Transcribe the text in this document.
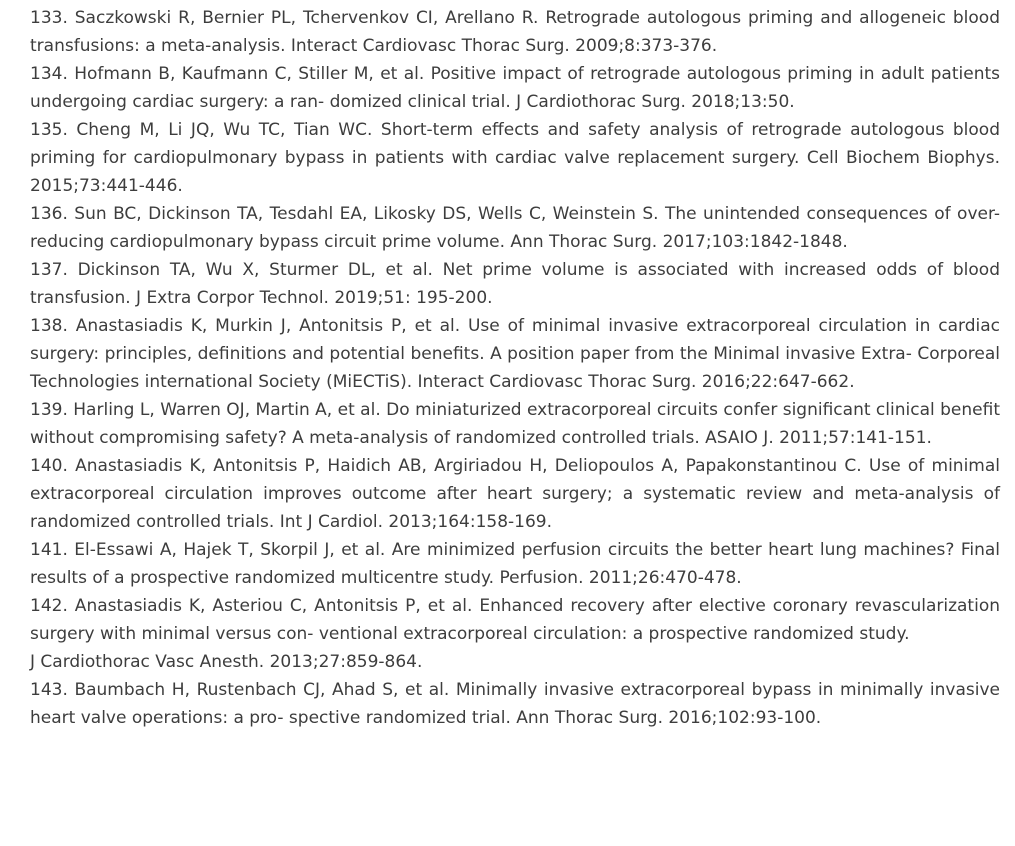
133. Saczkowski R, Bernier PL, Tchervenkov CI, Arellano R. Retrograde autologous priming and allogeneic blood transfusions: a meta-analysis. Interact Cardiovasc Thorac Surg. 2009;8:373-376.

134. Hofmann B, Kaufmann C, Stiller M, et al. Positive impact of retrograde autologous priming in adult patients undergoing cardiac surgery: a ran- domized clinical trial. J Cardiothorac Surg. 2018;13:50.

135. Cheng M, Li JQ, Wu TC, Tian WC. Short-term effects and safety analysis of retrograde autologous blood priming for cardiopulmonary bypass in patients with cardiac valve replacement surgery. Cell Biochem Biophys. 2015;73:441-446.

136. Sun BC, Dickinson TA, Tesdahl EA, Likosky DS, Wells C, Weinstein S. The unintended consequences of over-reducing cardiopulmonary bypass circuit prime volume. Ann Thorac Surg. 2017;103:1842-1848.

137. Dickinson TA, Wu X, Sturmer DL, et al. Net prime volume is associated with increased odds of blood transfusion. J Extra Corpor Technol. 2019;51: 195-200.

138. Anastasiadis K, Murkin J, Antonitsis P, et al. Use of minimal invasive extracorporeal circulation in cardiac surgery: principles, definitions and potential benefits. A position paper from the Minimal invasive Extra- Corporeal Technologies international Society (MiECTiS). Interact Cardiovasc Thorac Surg. 2016;22:647-662.

139. Harling L, Warren OJ, Martin A, et al. Do miniaturized extracorporeal circuits confer significant clinical benefit without compromising safety? A meta-analysis of randomized controlled trials. ASAIO J. 2011;57:141-151.

140. Anastasiadis K, Antonitsis P, Haidich AB, Argiriadou H, Deliopoulos A, Papakonstantinou C. Use of minimal extracorporeal circulation improves outcome after heart surgery; a systematic review and meta-analysis of randomized controlled trials. Int J Cardiol. 2013;164:158-169.

141. El-Essawi A, Hajek T, Skorpil J, et al. Are minimized perfusion circuits the better heart lung machines? Final results of a prospective randomized multicentre study. Perfusion. 2011;26:470-478.

142. Anastasiadis K, Asteriou C, Antonitsis P, et al. Enhanced recovery after elective coronary revascularization surgery with minimal versus con- ventional extracorporeal circulation: a prospective randomized study.

J Cardiothorac Vasc Anesth. 2013;27:859-864.

143. Baumbach H, Rustenbach CJ, Ahad S, et al. Minimally invasive extracorporeal bypass in minimally invasive heart valve operations: a pro- spective randomized trial. Ann Thorac Surg. 2016;102:93-100.
